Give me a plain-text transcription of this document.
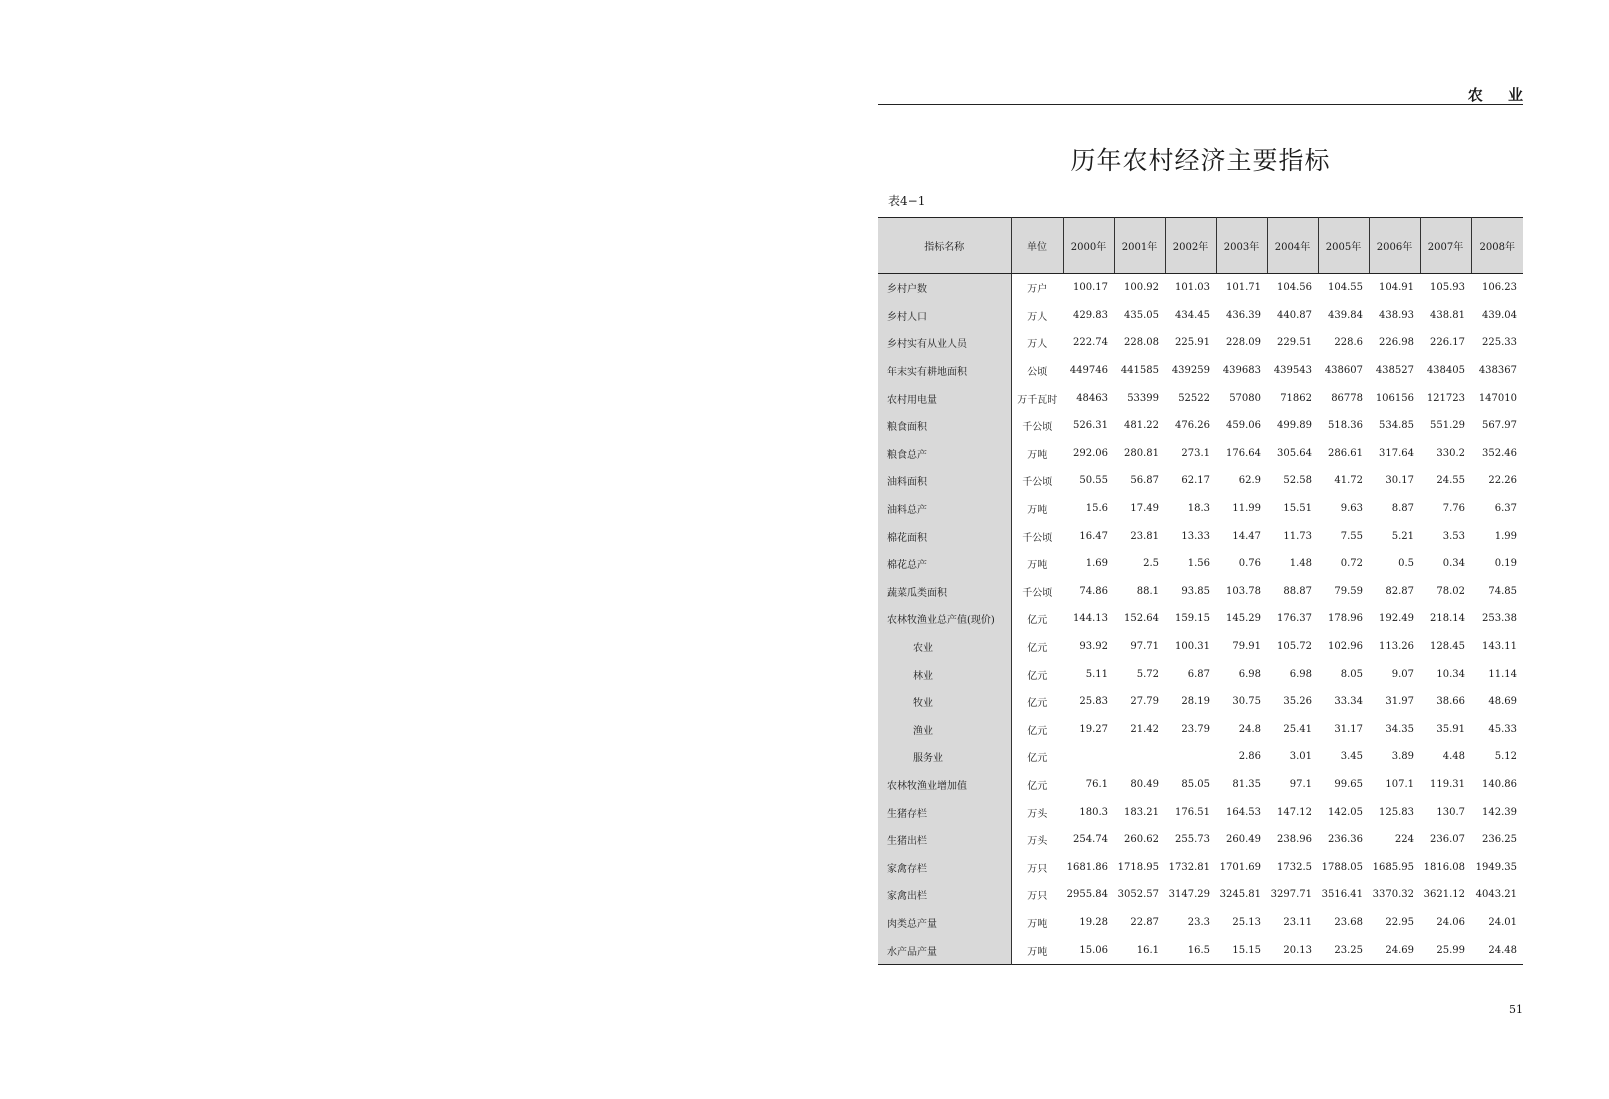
农 业
历年农村经济主要指标
表4−1
指标名称	单位	2000年	2001年	2002年	2003年	2004年	2005年	2006年	2007年	2008年
乡村户数	万户	100.17	100.92	101.03	101.71	104.56	104.55	104.91	105.93	106.23
乡村人口	万人	429.83	435.05	434.45	436.39	440.87	439.84	438.93	438.81	439.04
乡村实有从业人员	万人	222.74	228.08	225.91	228.09	229.51	228.6	226.98	226.17	225.33
年末实有耕地面积	公顷	449746	441585	439259	439683	439543	438607	438527	438405	438367
农村用电量	万千瓦时	48463	53399	52522	57080	71862	86778	106156	121723	147010
粮食面积	千公顷	526.31	481.22	476.26	459.06	499.89	518.36	534.85	551.29	567.97
粮食总产	万吨	292.06	280.81	273.1	176.64	305.64	286.61	317.64	330.2	352.46
油料面积	千公顷	50.55	56.87	62.17	62.9	52.58	41.72	30.17	24.55	22.26
油料总产	万吨	15.6	17.49	18.3	11.99	15.51	9.63	8.87	7.76	6.37
棉花面积	千公顷	16.47	23.81	13.33	14.47	11.73	7.55	5.21	3.53	1.99
棉花总产	万吨	1.69	2.5	1.56	0.76	1.48	0.72	0.5	0.34	0.19
蔬菜瓜类面积	千公顷	74.86	88.1	93.85	103.78	88.87	79.59	82.87	78.02	74.85
农林牧渔业总产值(现价)	亿元	144.13	152.64	159.15	145.29	176.37	178.96	192.49	218.14	253.38
农业	亿元	93.92	97.71	100.31	79.91	105.72	102.96	113.26	128.45	143.11
林业	亿元	5.11	5.72	6.87	6.98	6.98	8.05	9.07	10.34	11.14
牧业	亿元	25.83	27.79	28.19	30.75	35.26	33.34	31.97	38.66	48.69
渔业	亿元	19.27	21.42	23.79	24.8	25.41	31.17	34.35	35.91	45.33
服务业	亿元				2.86	3.01	3.45	3.89	4.48	5.12
农林牧渔业增加值	亿元	76.1	80.49	85.05	81.35	97.1	99.65	107.1	119.31	140.86
生猪存栏	万头	180.3	183.21	176.51	164.53	147.12	142.05	125.83	130.7	142.39
生猪出栏	万头	254.74	260.62	255.73	260.49	238.96	236.36	224	236.07	236.25
家禽存栏	万只	1681.86	1718.95	1732.81	1701.69	1732.5	1788.05	1685.95	1816.08	1949.35
家禽出栏	万只	2955.84	3052.57	3147.29	3245.81	3297.71	3516.41	3370.32	3621.12	4043.21
肉类总产量	万吨	19.28	22.87	23.3	25.13	23.11	23.68	22.95	24.06	24.01
水产品产量	万吨	15.06	16.1	16.5	15.15	20.13	23.25	24.69	25.99	24.48
51
